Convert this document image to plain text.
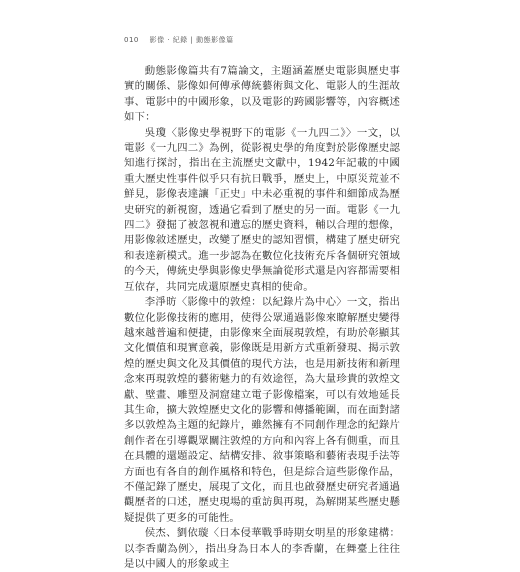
010 影像 · 紀錄 | 動態影像篇

動態影像篇共有7篇論文，主題涵蓋歷史電影與歷史事實的關係、影像如何傳承傳統藝術與文化、電影人的生涯故事、電影中的中國形象，以及電影的跨國影響等，內容概述如下：

吳瓊〈影像史學視野下的電影《一九四二》〉一文，以電影《一九四二》為例，從影視史學的角度對於影像歷史認知進行探討，指出在主流歷史文獻中，1942年記載的中國重大歷史性事件似乎只有抗日戰爭，歷史上，中原災荒並不鮮見，影像表達讓「正史」中未必重視的事件和細節成為歷史研究的新視窗，透過它看到了歷史的另一面。電影《一九四二》發掘了被忽視和遺忘的歷史資料，輔以合理的想像，用影像敘述歷史，改變了歷史的認知習慣，構建了歷史研究和表達新模式。進一步認為在數位化技術充斥各個研究領域的今天，傳統史學與影像史學無論從形式還是內容都需要相互依存，共同完成還原歷史真相的使命。

李淨昉〈影像中的敦煌：以紀錄片為中心〉一文，指出數位化影像技術的應用，使得公眾通過影像來瞭解歷史變得越來越普遍和便捷，由影像來全面展現敦煌，有助於彰顯其文化價值和現實意義，影像既是用新方式重新發現、揭示敦煌的歷史與文化及其價值的現代方法，也是用新技術和新理念來再現敦煌的藝術魅力的有效途徑，為大量珍貴的敦煌文獻、壁畫、雕塑及洞窟建立電子影像檔案，可以有效地延長其生命，擴大敦煌歷史文化的影響和傳播範圍，而在面對諸多以敦煌為主題的紀錄片，雖然擁有不同創作理念的紀錄片創作者在引導觀眾關注敦煌的方向和內容上各有側重，而且在具體的還題設定、結構安排、敘事策略和藝術表現手法等方面也有各自的創作風格和特色，但是綜合這些影像作品，不僅記錄了歷史，展現了文化，而且也啟發歷史研究者通過觀歷者的口述，歷史現場的重訪與再現，為解開某些歷史懸疑提供了更多的可能性。

侯杰、劉依璇〈日本侵華戰爭時期女明星的形象建構：以李香蘭為例〉，指出身為日本人的李香蘭，在舞臺上往往是以中國人的形象或主
